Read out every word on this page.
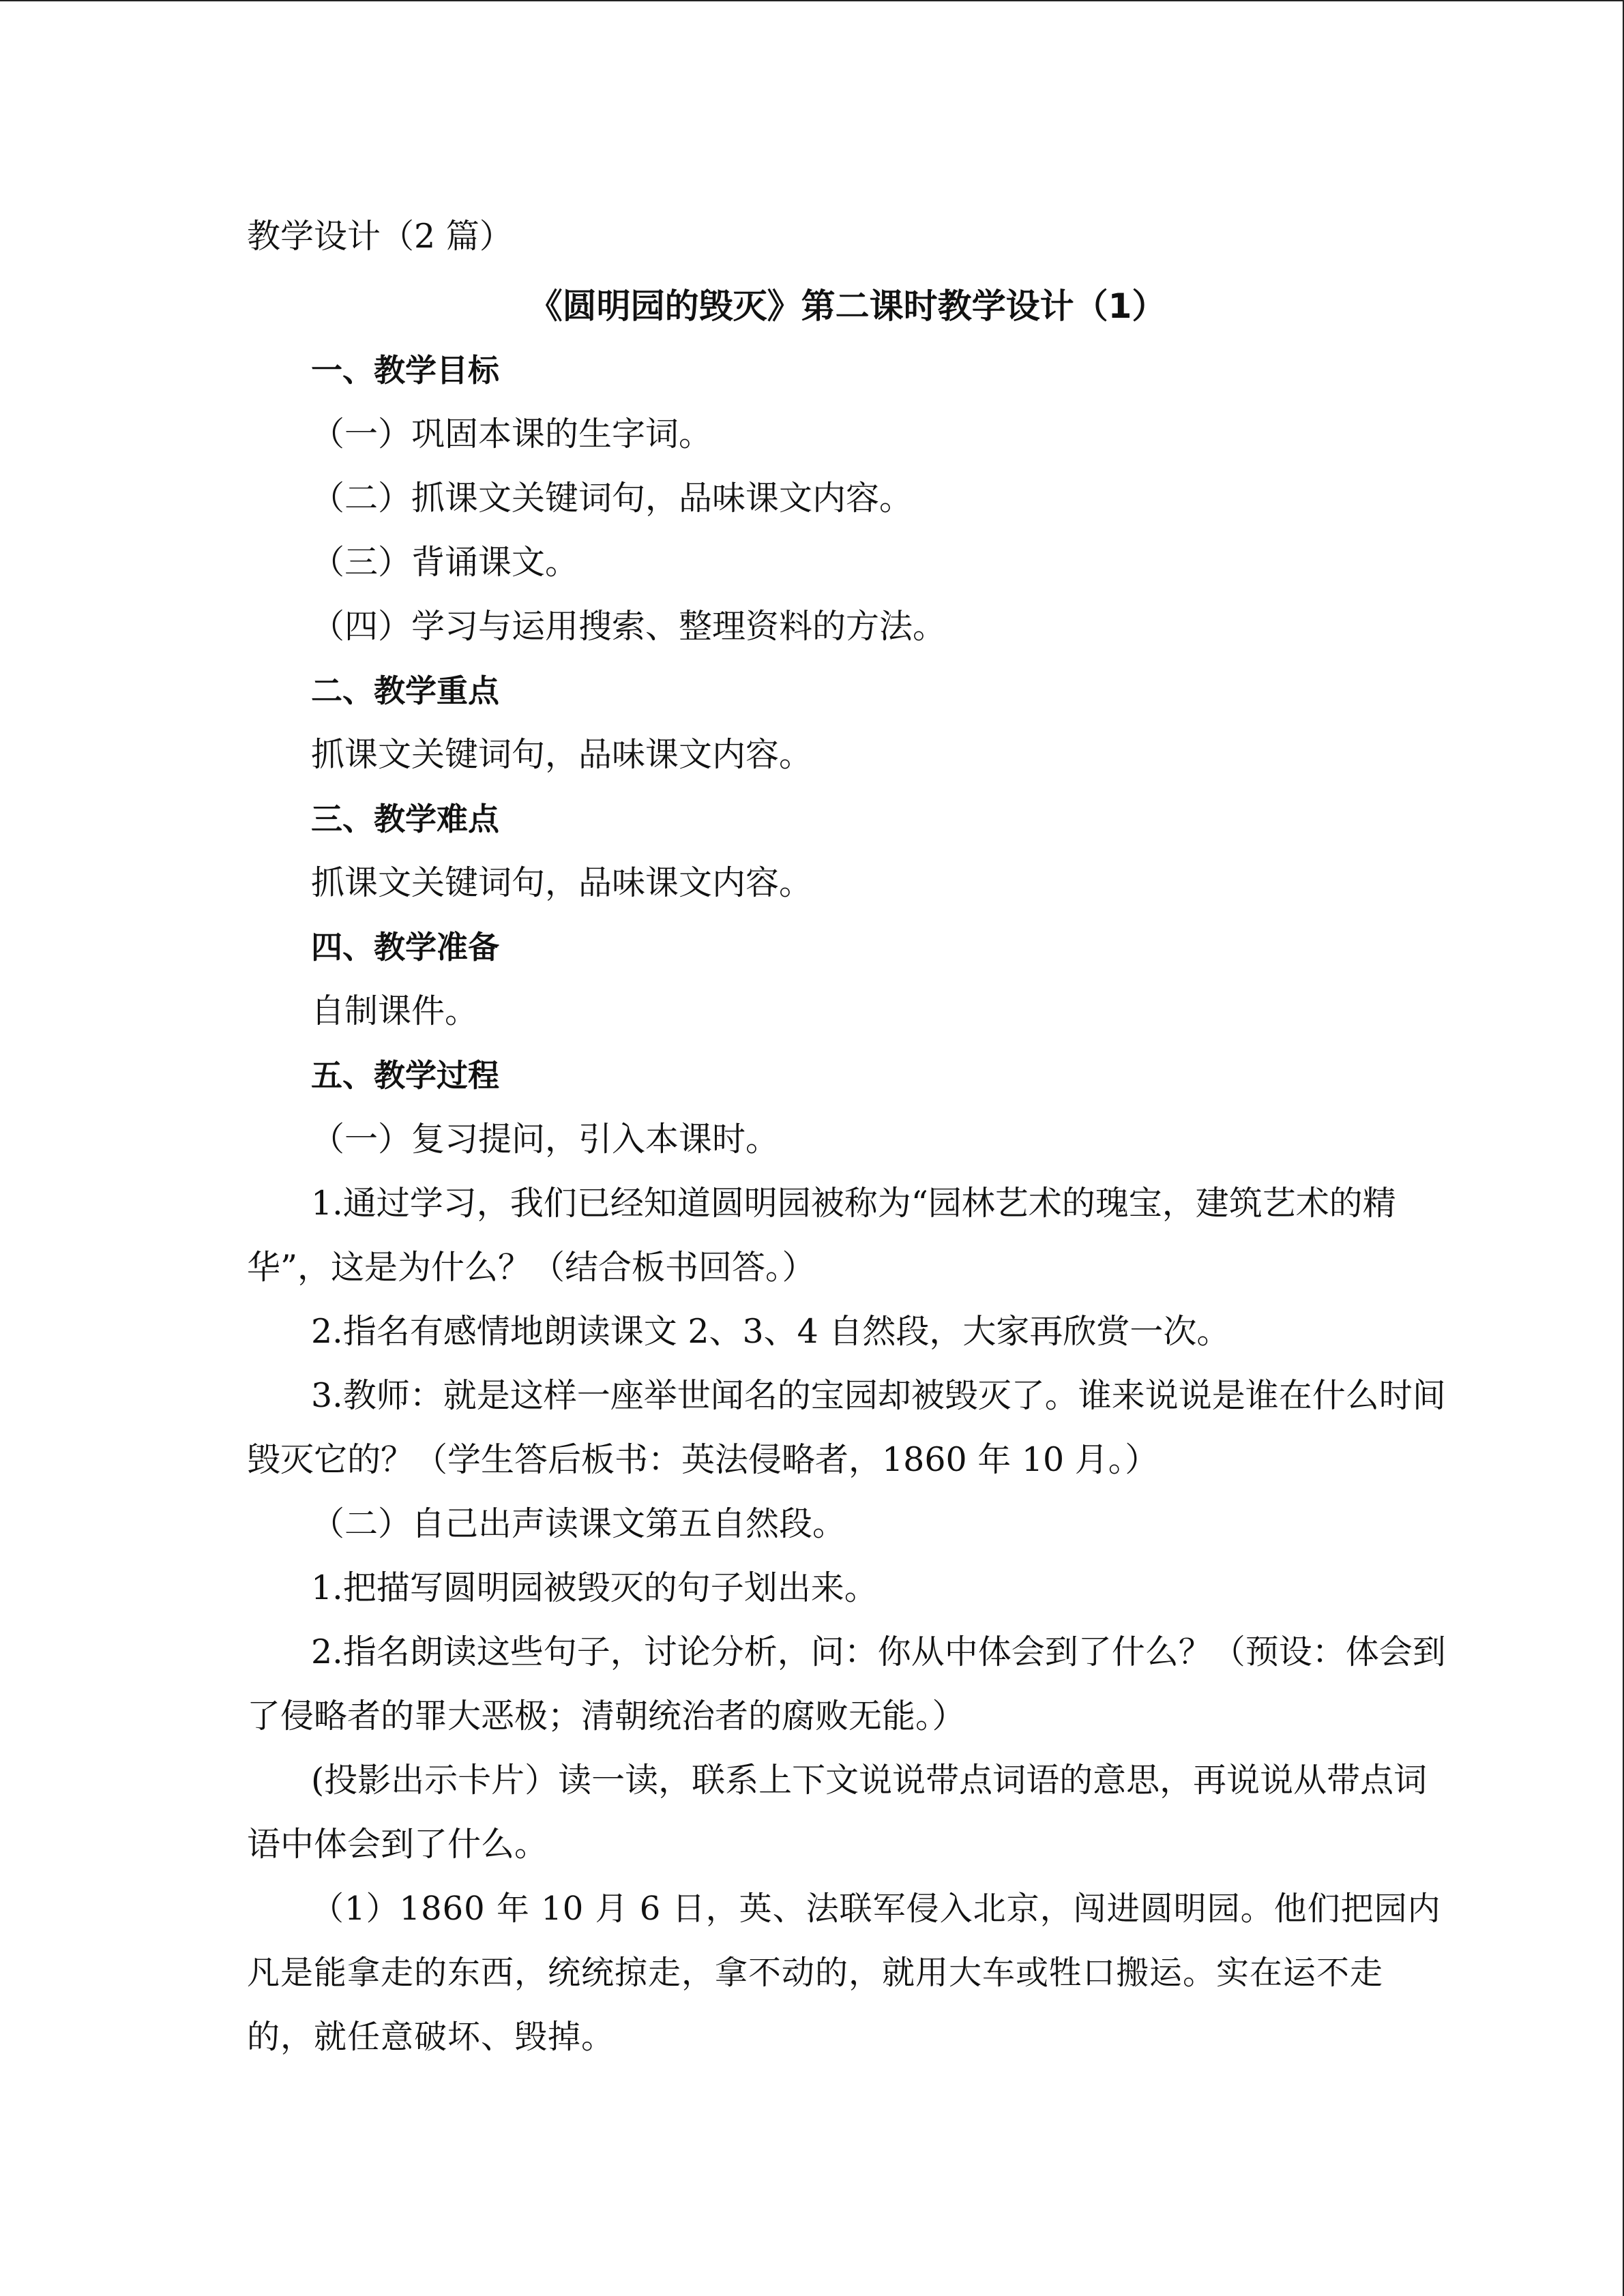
教学设计（2 篇）

《圆明园的毁灭》第二课时教学设计（1）

一、教学目标

（一）巩固本课的生字词。

（二）抓课文关键词句，品味课文内容。

（三）背诵课文。

（四）学习与运用搜索、整理资料的方法。

二、教学重点

抓课文关键词句，品味课文内容。

三、教学难点

抓课文关键词句，品味课文内容。

四、教学准备

自制课件。

五、教学过程

（一）复习提问，引入本课时。

1.通过学习，我们已经知道圆明园被称为“园林艺术的瑰宝，建筑艺术的精华”，这是为什么？（结合板书回答。）

2.指名有感情地朗读课文 2、3、4 自然段，大家再欣赏一次。

3.教师：就是这样一座举世闻名的宝园却被毁灭了。谁来说说是谁在什么时间毁灭它的？（学生答后板书：英法侵略者，1860 年 10 月。）

（二）自己出声读课文第五自然段。

1.把描写圆明园被毁灭的句子划出来。

2.指名朗读这些句子，讨论分析，问：你从中体会到了什么？（预设：体会到了侵略者的罪大恶极；清朝统治者的腐败无能。）

(投影出示卡片）读一读，联系上下文说说带点词语的意思，再说说从带点词语中体会到了什么。

（1）1860 年 10 月 6 日，英、法联军侵入北京，闯进圆明园。他们把园内凡是能拿走的东西，统统掠走，拿不动的，就用大车或牲口搬运。实在运不走的，就任意破坏、毁掉。
